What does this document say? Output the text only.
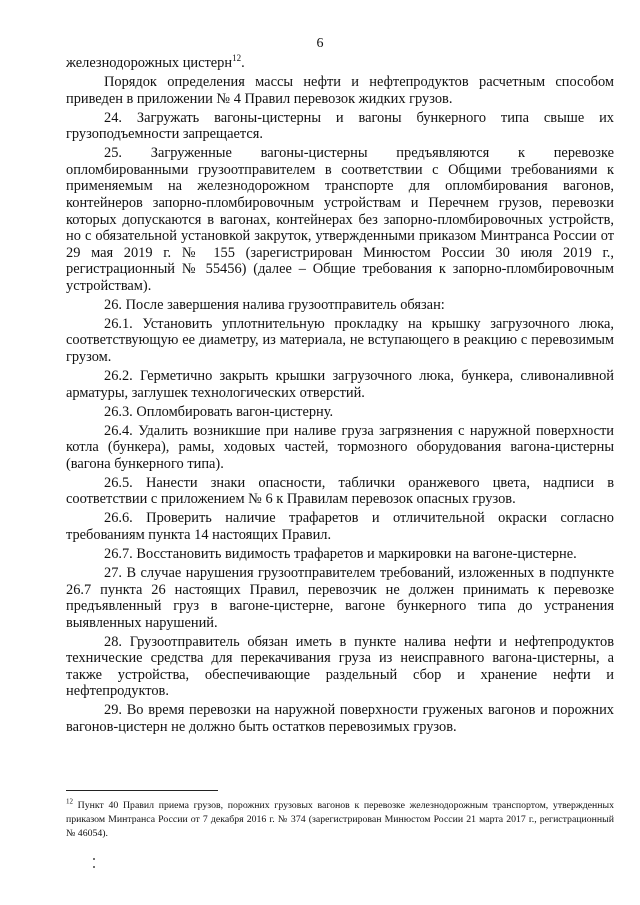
6

железнодорожных цистерн$^{12}$.

Порядок определения массы нефти и нефтепродуктов расчетным способом приведен в приложении № 4 Правил перевозок жидких грузов.

24. Загружать вагоны-цистерны и вагоны бункерного типа свыше их грузоподъемности запрещается.

25. Загруженные вагоны-цистерны предъявляются к перевозке опломбированными грузоотправителем в соответствии с Общими требованиями к применяемым на железнодорожном транспорте для опломбирования вагонов, контейнеров запорно-пломбировочным устройствам и Перечнем грузов, перевозки которых допускаются в вагонах, контейнерах без запорно-пломбировочных устройств, но с обязательной установкой закруток, утвержденными приказом Минтранса России от 29 мая 2019 г. № 155 (зарегистрирован Минюстом России 30 июля 2019 г., регистрационный № 55456) (далее – Общие требования к запорно-пломбировочным устройствам).

26. После завершения налива грузоотправитель обязан:

26.1. Установить уплотнительную прокладку на крышку загрузочного люка, соответствующую ее диаметру, из материала, не вступающего в реакцию с перевозимым грузом.

26.2. Герметично закрыть крышки загрузочного люка, бункера, сливоналивной арматуры, заглушек технологических отверстий.

26.3. Опломбировать вагон-цистерну.

26.4. Удалить возникшие при наливе груза загрязнения с наружной поверхности котла (бункера), рамы, ходовых частей, тормозного оборудования вагона-цистерны (вагона бункерного типа).

26.5. Нанести знаки опасности, таблички оранжевого цвета, надписи в соответствии с приложением № 6 к Правилам перевозок опасных грузов.

26.6. Проверить наличие трафаретов и отличительной окраски согласно требованиям пункта 14 настоящих Правил.

26.7. Восстановить видимость трафаретов и маркировки на вагоне-цистерне.

27. В случае нарушения грузоотправителем требований, изложенных в подпункте 26.7 пункта 26 настоящих Правил, перевозчик не должен принимать к перевозке предъявленный груз в вагоне-цистерне, вагоне бункерного типа до устранения выявленных нарушений.

28. Грузоотправитель обязан иметь в пункте налива нефти и нефтепродуктов технические средства для перекачивания груза из неисправного вагона-цистерны, а также устройства, обеспечивающие раздельный сбор и хранение нефти и нефтепродуктов.

29. Во время перевозки на наружной поверхности груженых вагонов и порожних вагонов-цистерн не должно быть остатков перевозимых грузов.

$^{12}$ Пункт 40 Правил приема грузов, порожних грузовых вагонов к перевозке железнодорожным транспортом, утвержденных приказом Минтранса России от 7 декабря 2016 г. № 374 (зарегистрирован Минюстом России 21 марта 2017 г., регистрационный № 46054).
